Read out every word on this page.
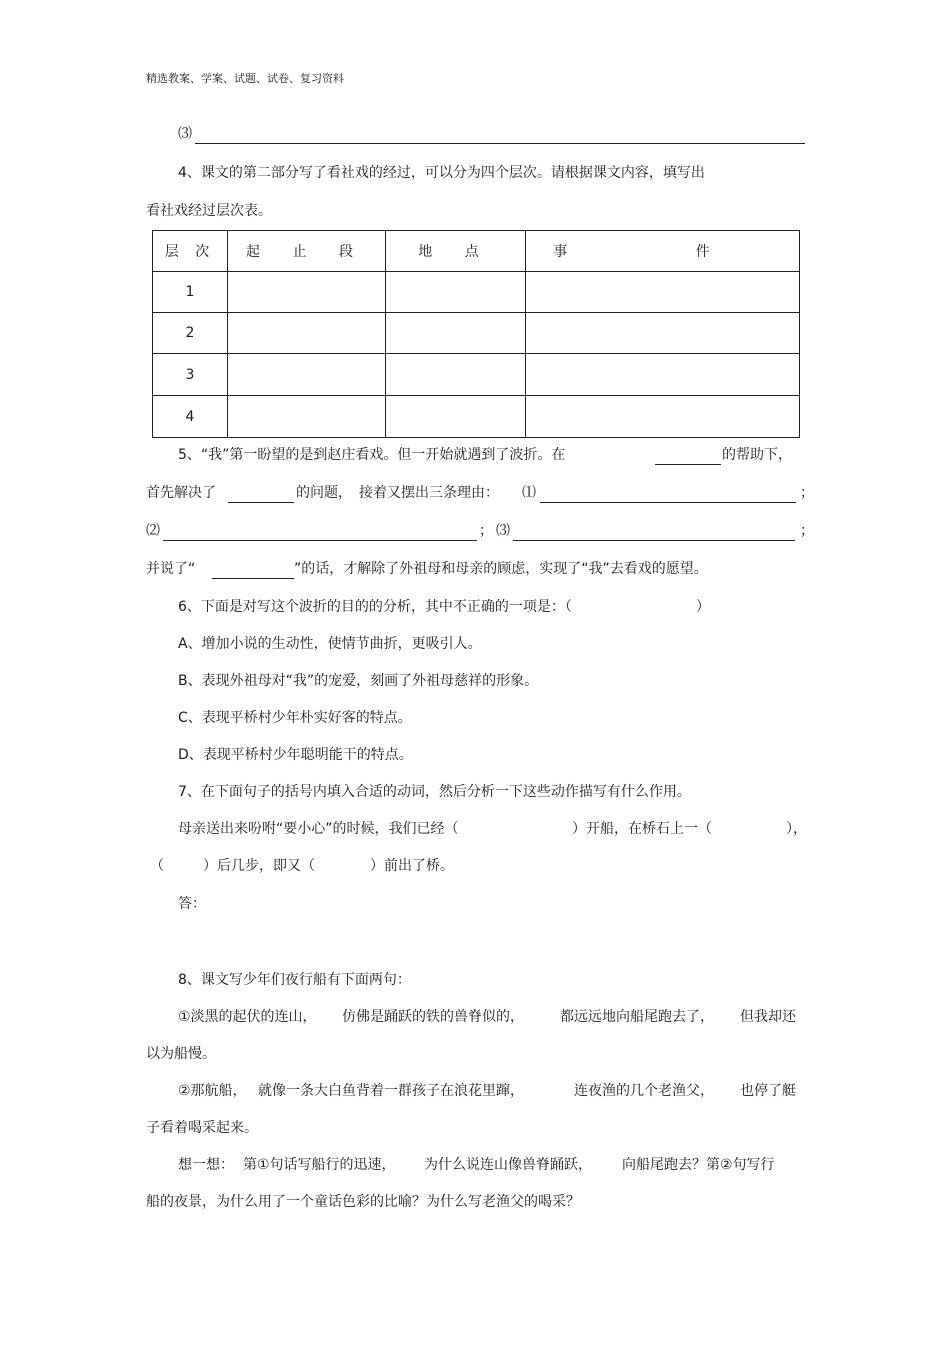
精选教案、学案、试题、试卷、复习资料
⑶
4、课文的第二部分写了看社戏的经过，可以分为四个层次。请根据课文内容，填写出
看社戏经过层次表。
层 次	起 止 段	地 点	事 件
1			
2			
3			
4			
5、“我”第一盼望的是到赵庄看戏。但一开始就遇到了波折。在	的帮助下，
首先解决了	的问题， 接着又摆出三条理由： ⑴	；
⑵	； ⑶	；
并说了“	”的话，才解除了外祖母和母亲的顾虑，实现了“我”去看戏的愿望。
6、下面是对写这个波折的目的的分析，其中不正确的一项是：（	）
A、增加小说的生动性，使情节曲折，更吸引人。
B、表现外祖母对“我”的宠爱，刻画了外祖母慈祥的形象。
C、表现平桥村少年朴实好客的特点。
D、表现平桥村少年聪明能干的特点。
7、在下面句子的括号内填入合适的动词，然后分析一下这些动作描写有什么作用。
母亲送出来吩咐“要小心”的时候，我们已经（	）开船，在桥石上一（	），
（	）后几步，即又（	）前出了桥。
答：
8、课文写少年们夜行船有下面两句：
①淡黑的起伏的连山， 仿佛是踊跃的铁的兽脊似的，	都远远地向船尾跑去了， 但我却还
以为船慢。
②那航船， 就像一条大白鱼背着一群孩子在浪花里蹿，	连夜渔的几个老渔父， 也停了艇
子看着喝采起来。
想一想： 第①句话写船行的迅速， 为什么说连山像兽脊踊跃， 向船尾跑去？第②句写行
船的夜景，为什么用了一个童话色彩的比喻？为什么写老渔父的喝采？
